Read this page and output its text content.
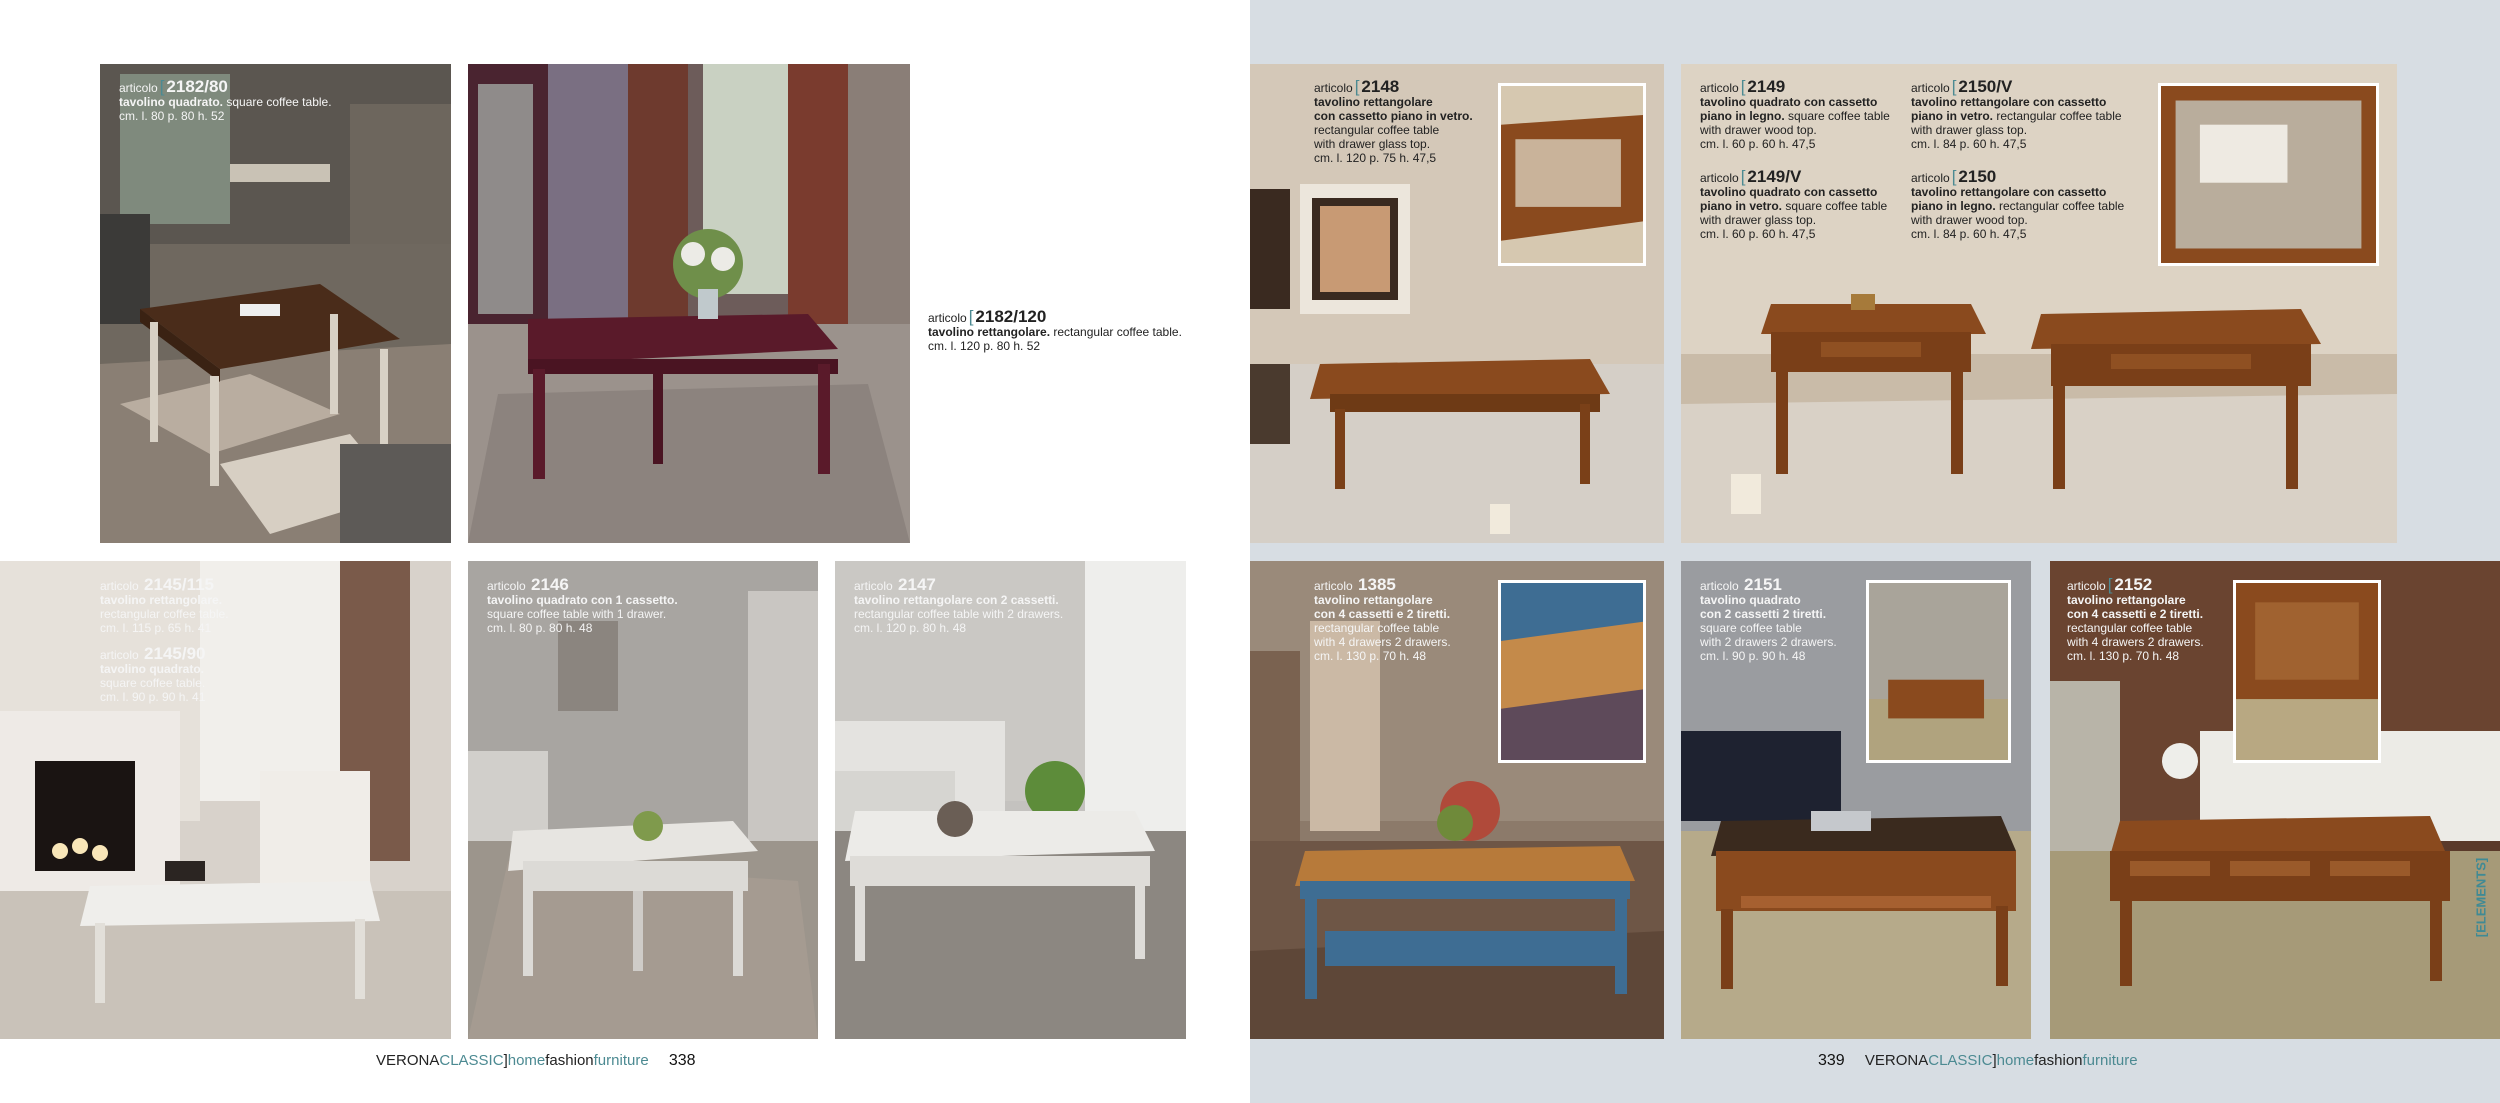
articolo [ 2182/80
tavolino quadrato. square coffee table.
cm. l. 80 p. 80 h. 52
articolo [ 2182/120
tavolino rettangolare. rectangular coffee table.
cm. l. 120 p. 80 h. 52
articolo 2145/115
tavolino rettangolare.
rectangular coffee table.
cm. l. 115 p. 65 h. 41
articolo 2145/90
tavolino quadrato.
square coffee table.
cm. l. 90 p. 90 h. 41
articolo 2146
tavolino quadrato con 1 cassetto.
square coffee table with 1 drawer.
cm. l. 80 p. 80 h. 48
articolo 2147
tavolino rettangolare con 2 cassetti.
rectangular coffee table with 2 drawers.
cm. l. 120 p. 80 h. 48
articolo [ 2148
tavolino rettangolare
con cassetto piano in vetro.
rectangular coffee table
with drawer glass top.
cm. l. 120 p. 75 h. 47,5
articolo [ 2149
tavolino quadrato con cassetto
piano in legno. square coffee table
with drawer wood top.
cm. l. 60 p. 60 h. 47,5
articolo [ 2149/V
tavolino quadrato con cassetto
piano in vetro. square coffee table
with drawer glass top.
cm. l. 60 p. 60 h. 47,5
articolo [ 2150/V
tavolino rettangolare con cassetto
piano in vetro. rectangular coffee table
with drawer glass top.
cm. l. 84 p. 60 h. 47,5
articolo [ 2150
tavolino rettangolare con cassetto
piano in legno. rectangular coffee table
with drawer wood top.
cm. l. 84 p. 60 h. 47,5
articolo 1385
tavolino rettangolare
con 4 cassetti e 2 tiretti.
rectangular coffee table
with 4 drawers 2 drawers.
cm. l. 130 p. 70 h. 48
articolo 2151
tavolino quadrato
con 2 cassetti 2 tiretti.
square coffee table
with 2 drawers 2 drawers.
cm. l. 90 p. 90 h. 48
articolo [ 2152
tavolino rettangolare
con 4 cassetti e 2 tiretti.
rectangular coffee table
with 4 drawers 2 drawers.
cm. l. 130 p. 70 h. 48
[ELEMENTS]
VERONACLASSIC]homefashionfurniture 338	339 VERONACLASSIC]homefashionfurniture
